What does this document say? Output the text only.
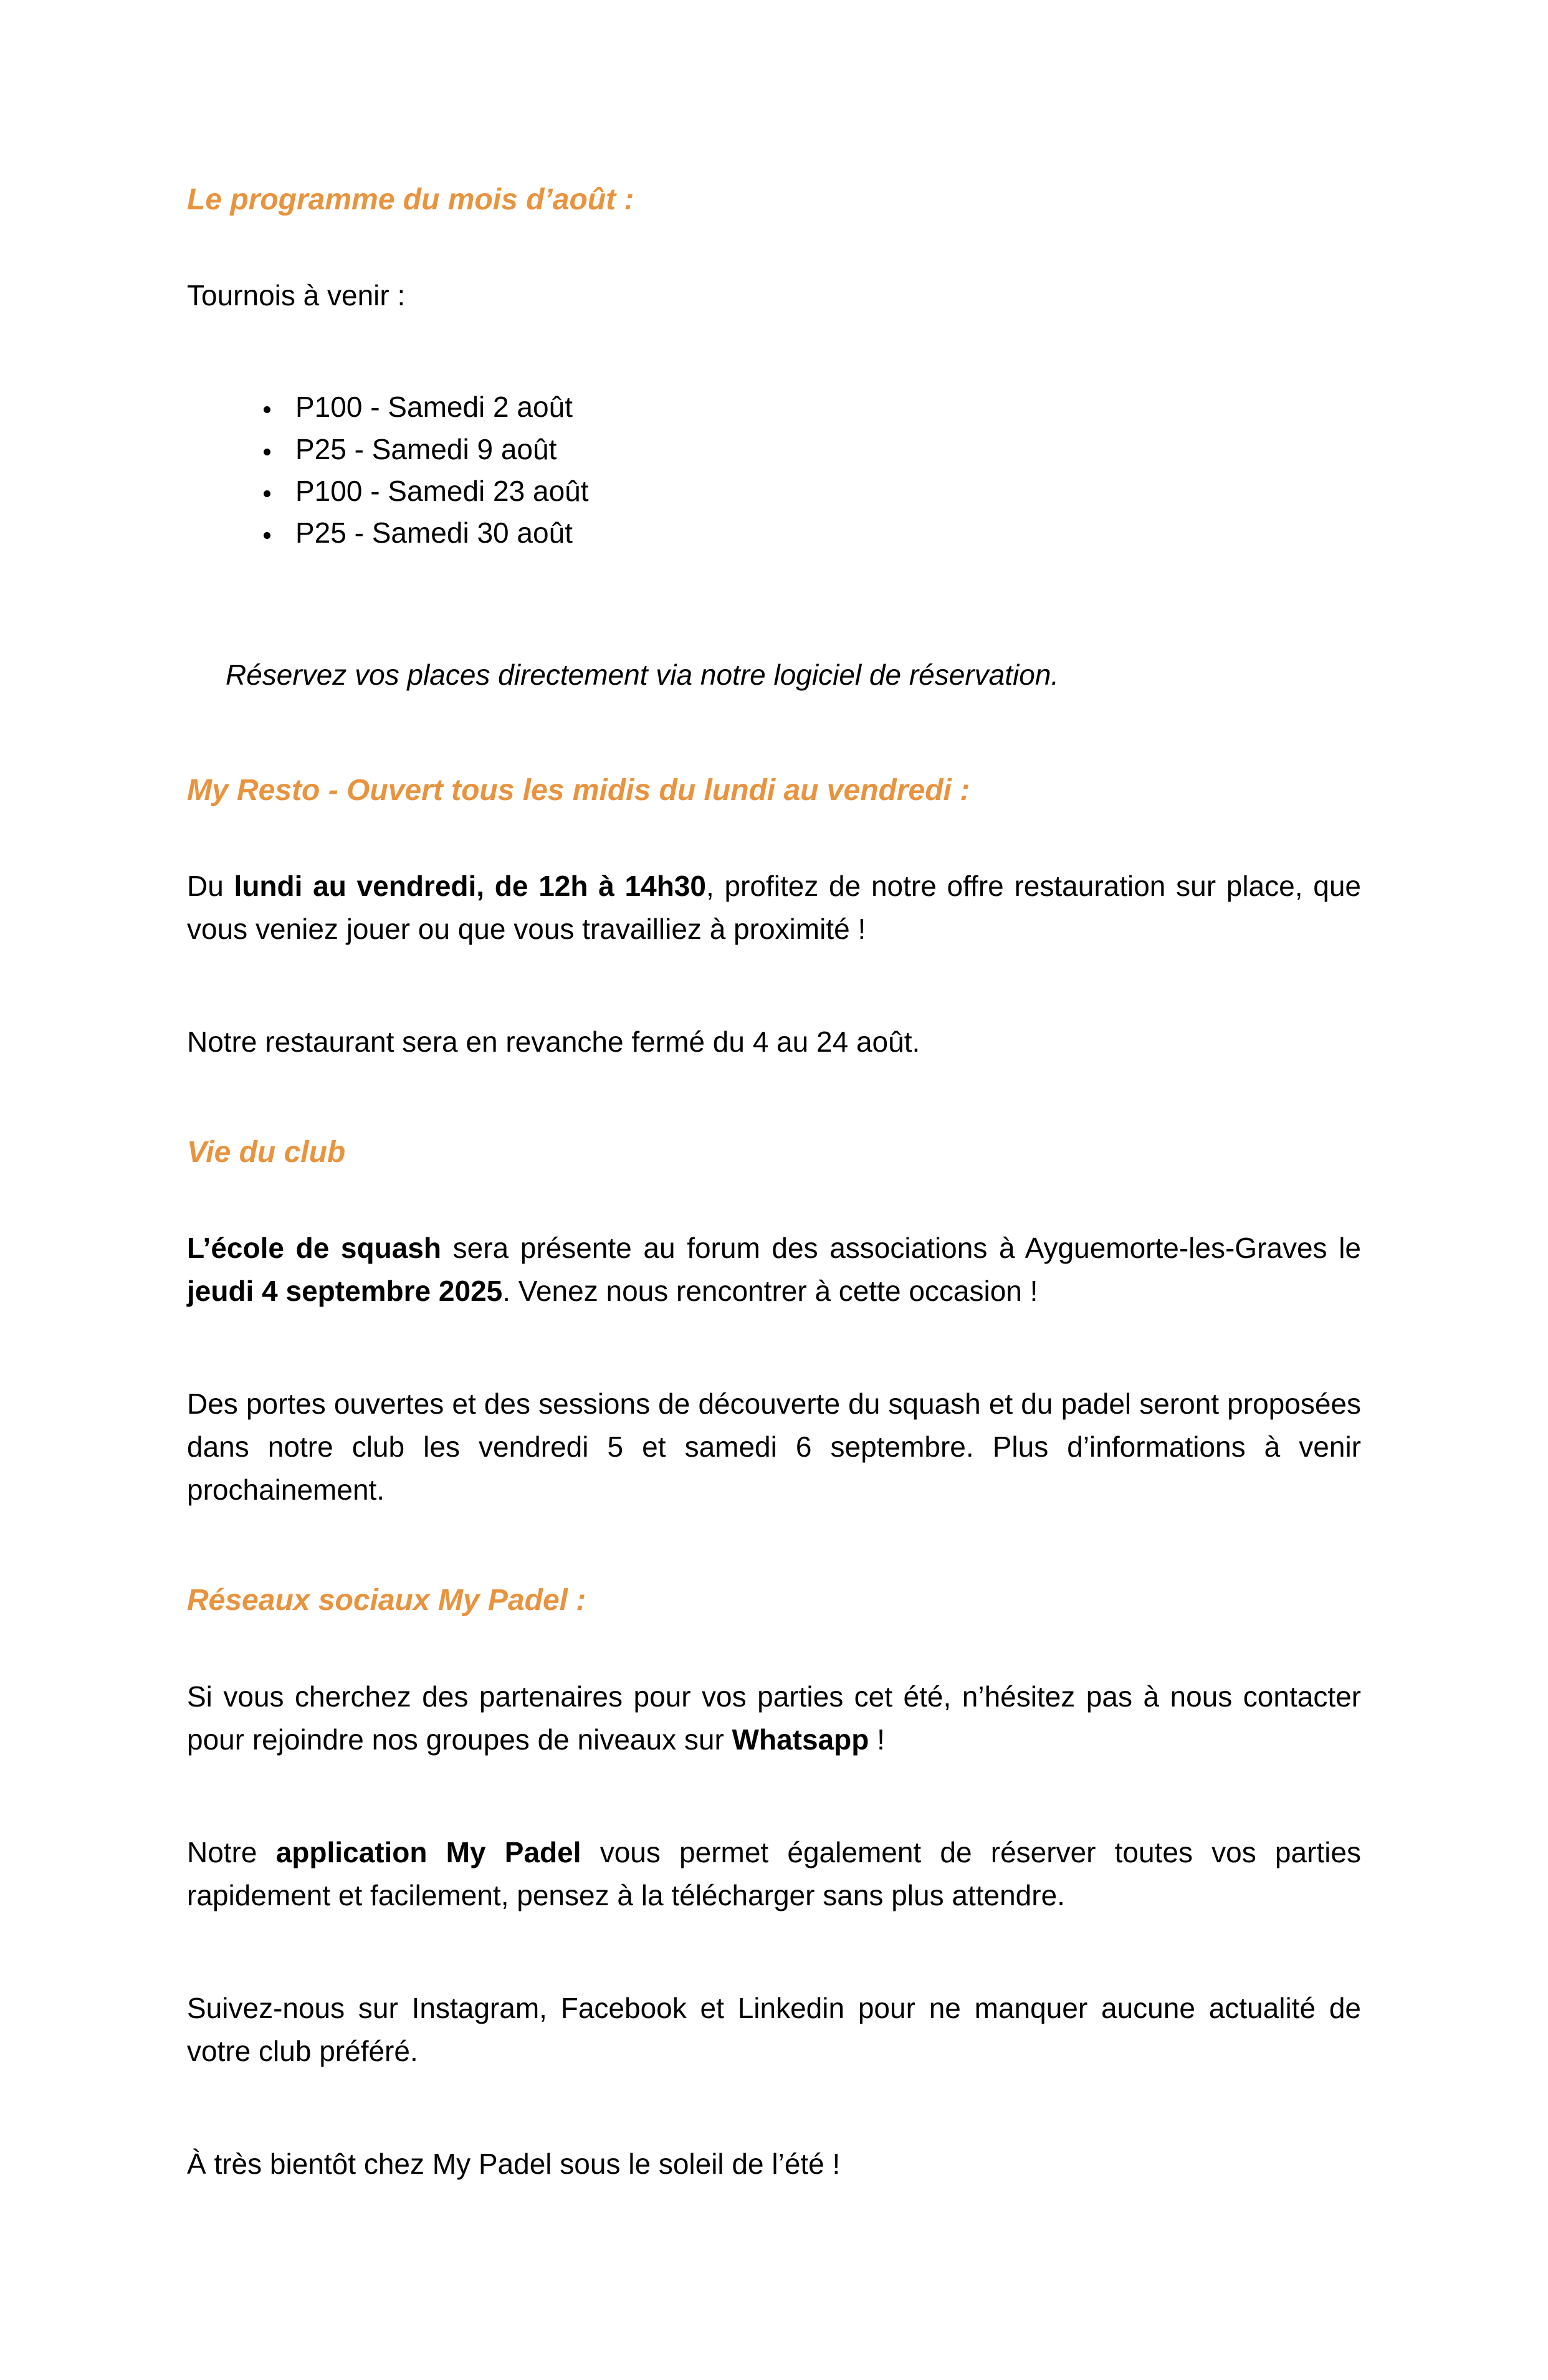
Le programme du mois d’août :

Tournois à venir :

• P100 - Samedi 2 août
• P25 - Samedi 9 août
• P100 - Samedi 23 août
• P25 - Samedi 30 août

Réservez vos places directement via notre logiciel de réservation.

My Resto - Ouvert tous les midis du lundi au vendredi :

Du lundi au vendredi, de 12h à 14h30, profitez de notre offre restauration sur place, que vous veniez jouer ou que vous travailliez à proximité !

Notre restaurant sera en revanche fermé du 4 au 24 août.

Vie du club

L’école de squash sera présente au forum des associations à Ayguemorte-les-Graves le jeudi 4 septembre 2025. Venez nous rencontrer à cette occasion !

Des portes ouvertes et des sessions de découverte du squash et du padel seront proposées dans notre club les vendredi 5 et samedi 6 septembre. Plus d’informations à venir prochainement.

Réseaux sociaux My Padel :

Si vous cherchez des partenaires pour vos parties cet été, n’hésitez pas à nous contacter pour rejoindre nos groupes de niveaux sur Whatsapp !

Notre application My Padel vous permet également de réserver toutes vos parties rapidement et facilement, pensez à la télécharger sans plus attendre.

Suivez-nous sur Instagram, Facebook et Linkedin pour ne manquer aucune actualité de votre club préféré.

À très bientôt chez My Padel sous le soleil de l’été !
